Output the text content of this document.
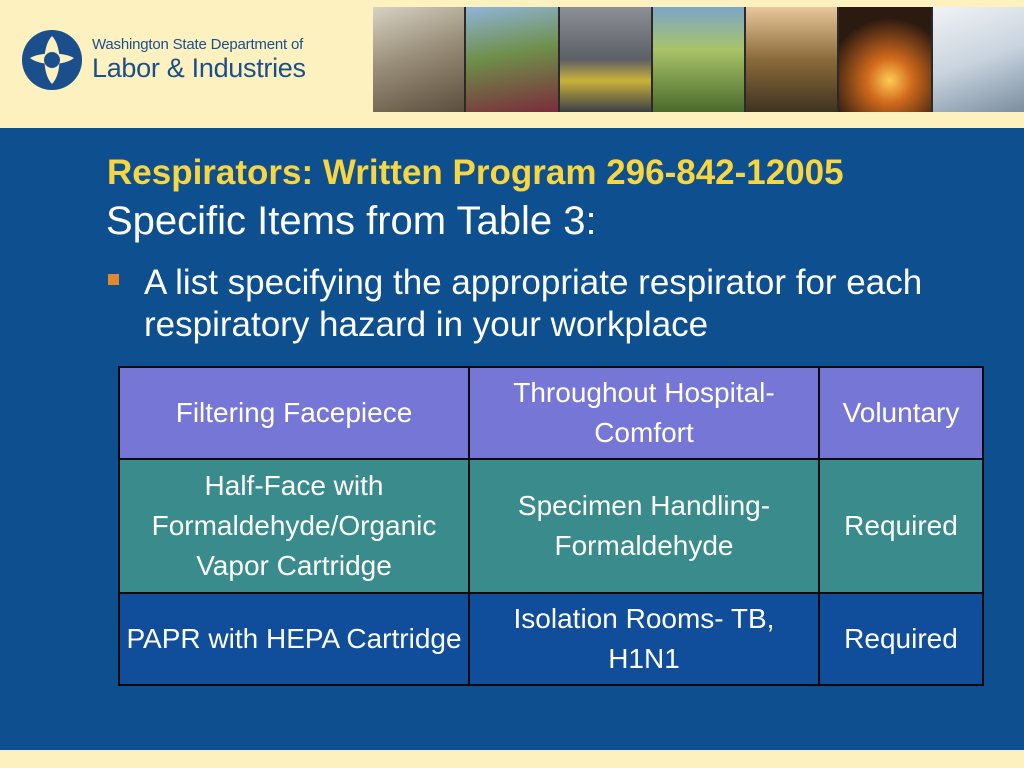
Washington State Department of
Labor & Industries
Respirators: Written Program 296-842-12005
Specific Items from Table 3:
A list specifying the appropriate respirator for each respiratory hazard in your workplace
Filtering Facepiece	Throughout Hospital- Comfort	Voluntary
Half-Face with Formaldehyde/Organic Vapor Cartridge	Specimen Handling- Formaldehyde	Required
PAPR with HEPA Cartridge	Isolation Rooms- TB, H1N1	Required
